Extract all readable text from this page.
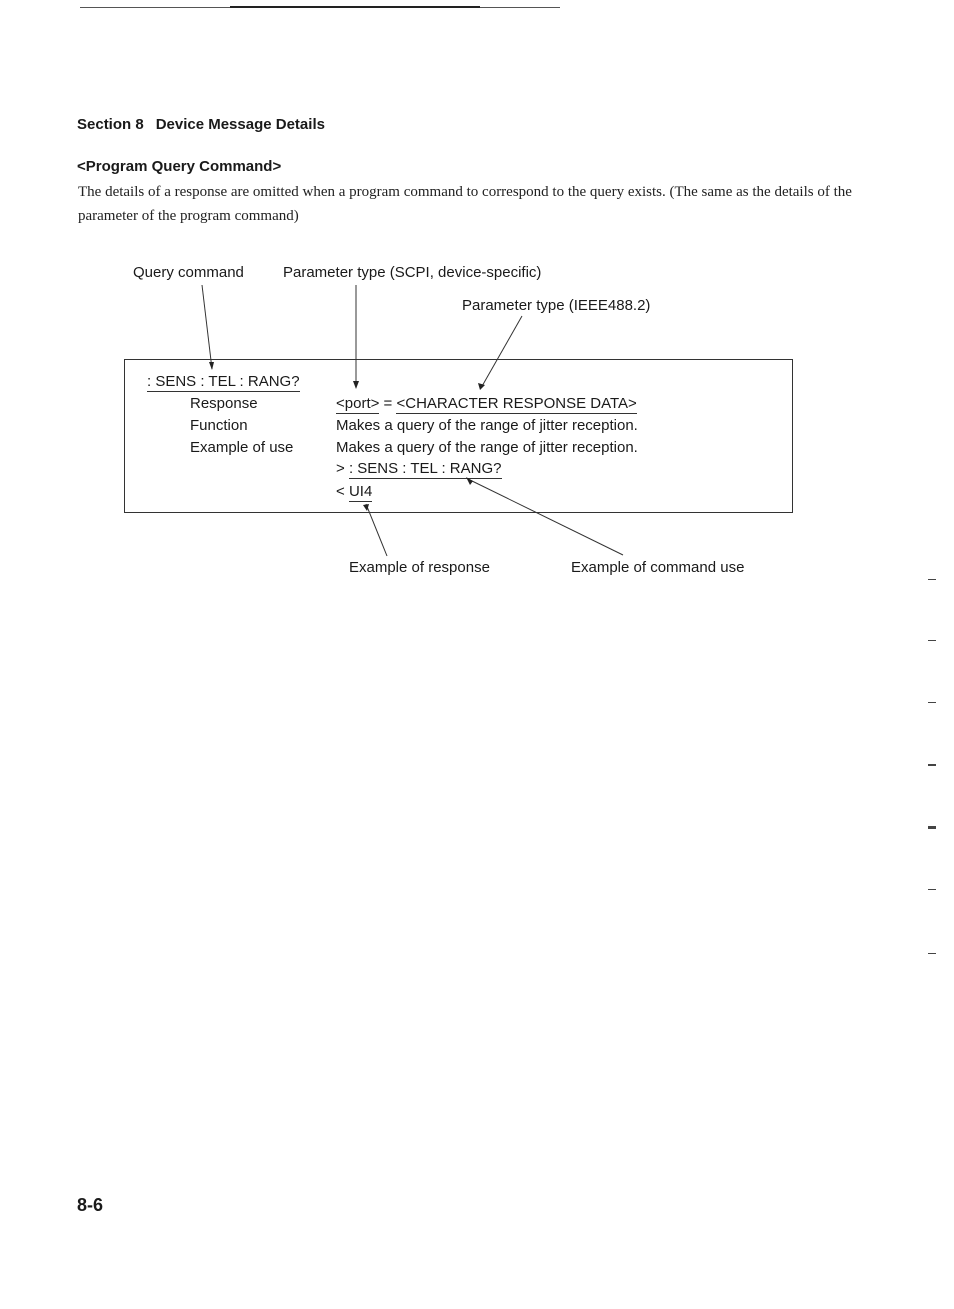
Section 8 Device Message Details
<Program Query Command>
The details of a response are omitted when a program command to correspond to the query exists. (The same as the details of the parameter of the program command)
Query command	Parameter type (SCPI, device-specific)
Parameter type (IEEE488.2)
: SENS : TEL : RANG?
Response	<port> = <CHARACTER RESPONSE DATA>
Function	Makes a query of the range of jitter reception.
Example of use	Makes a query of the range of jitter reception.
> : SENS : TEL : RANG?
< UI4
Example of response	Example of command use
8-6
